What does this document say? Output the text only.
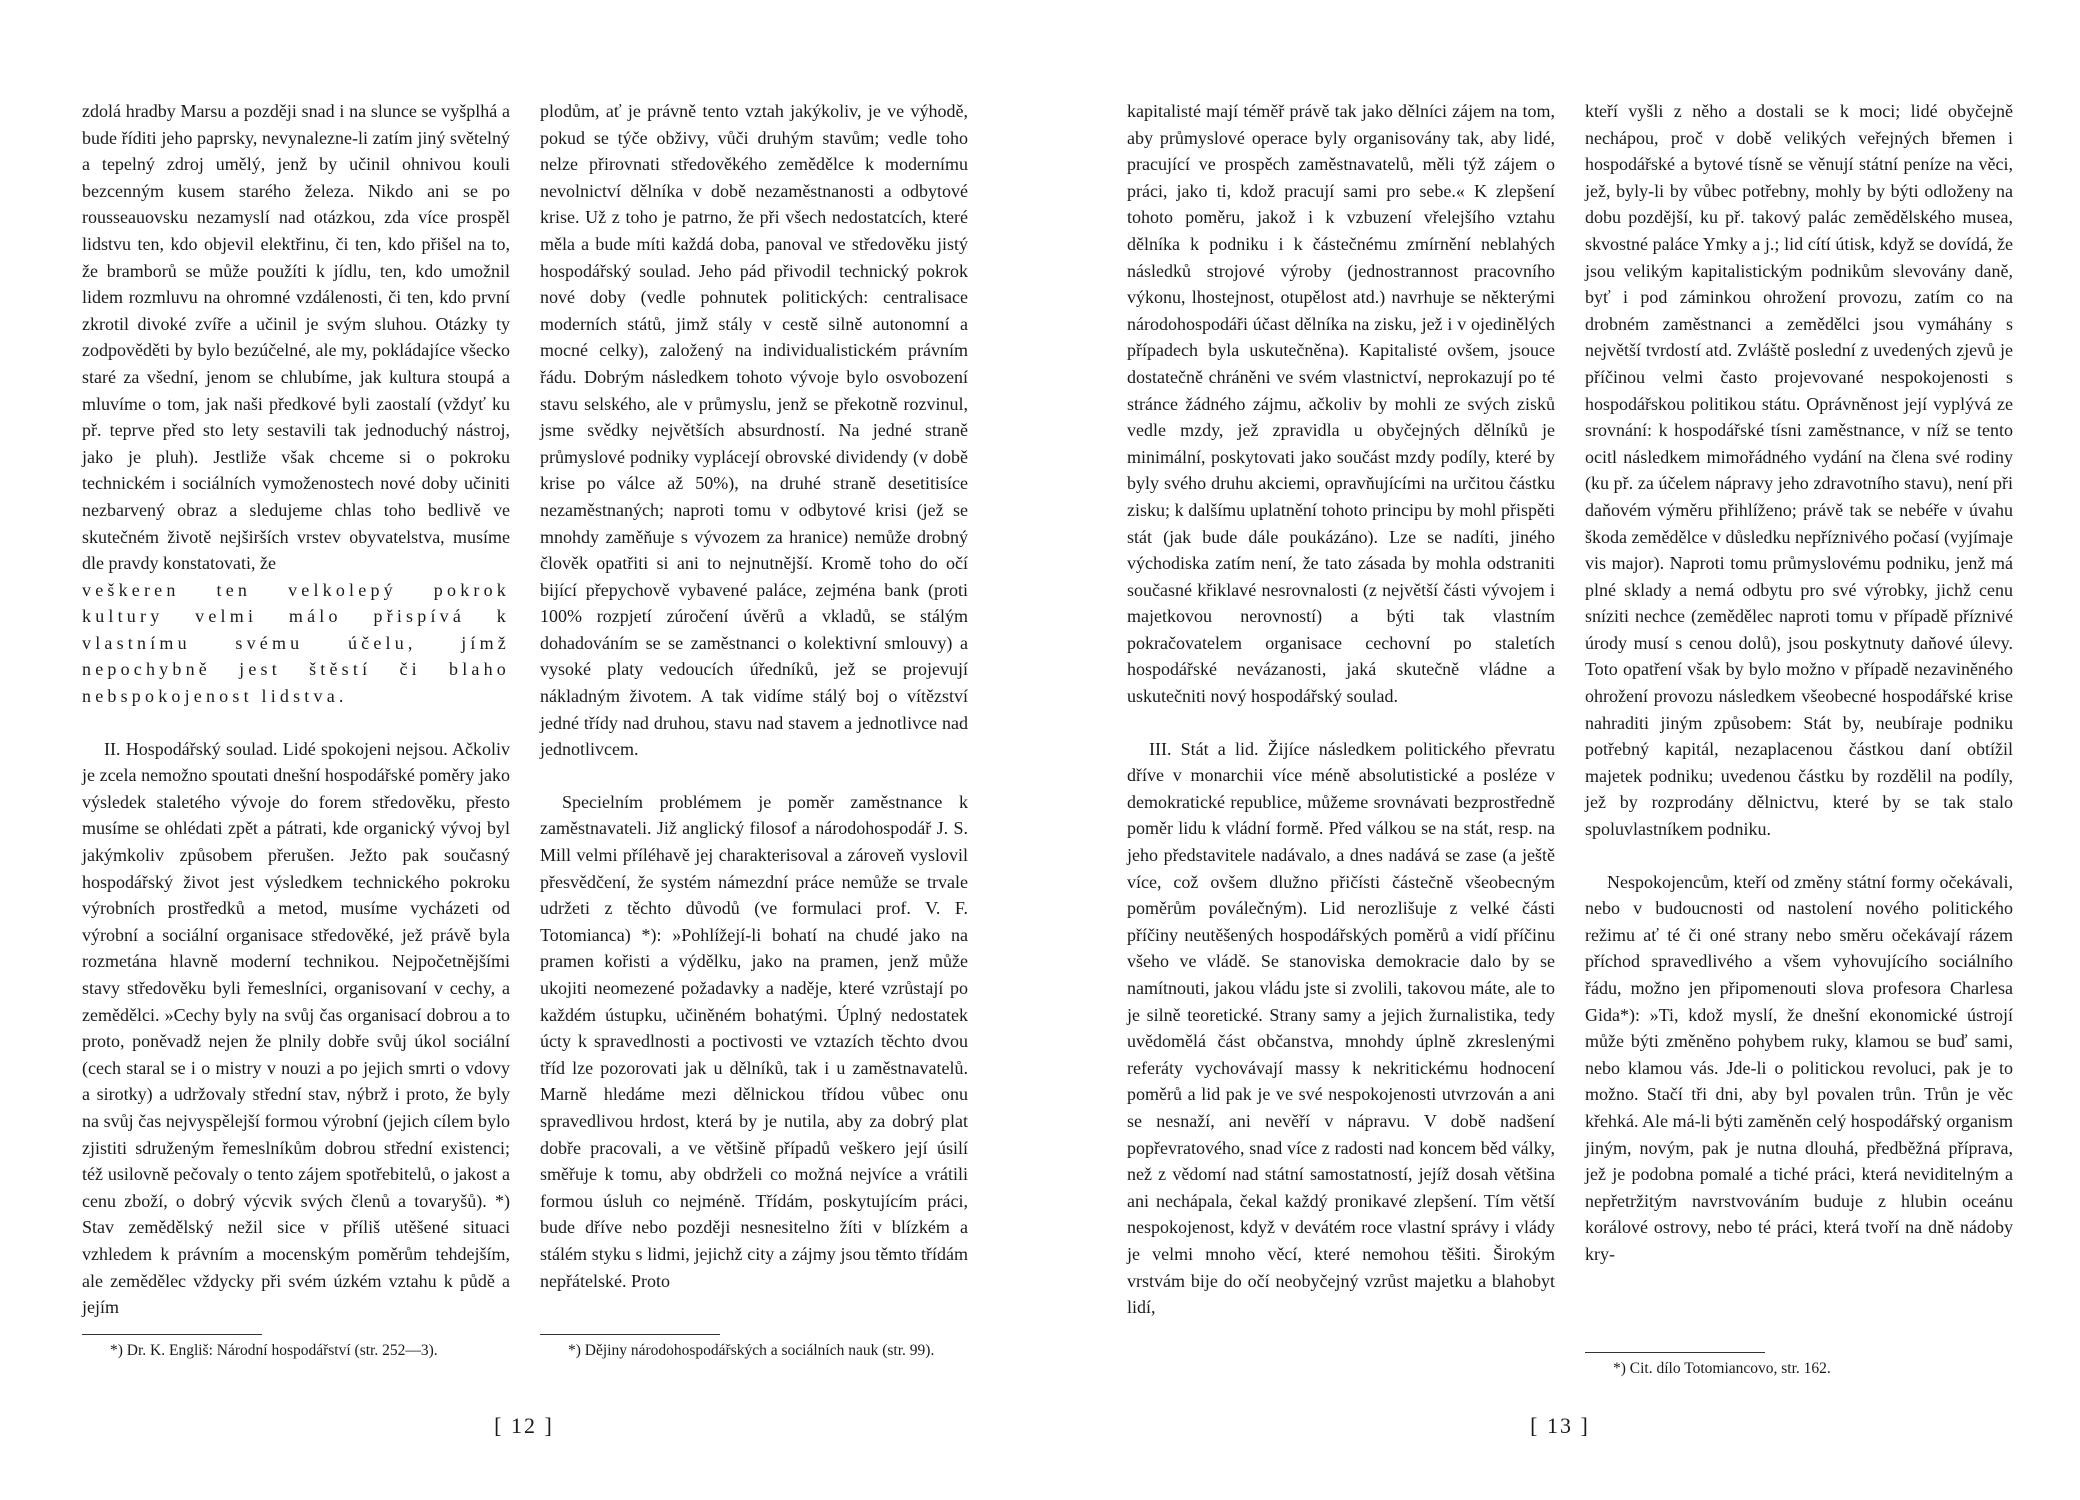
zdolá hradby Marsu a později snad i na slunce se vyšplhá a bude říditi jeho paprsky, nevynalezne-li zatím jiný světelný a tepelný zdroj umělý, jenž by učinil ohnivou kouli bezcenným kusem starého železa. Nikdo ani se po rousseauovsku nezamyslí nad otázkou, zda více prospěl lidstvu ten, kdo objevil elektřinu, či ten, kdo přišel na to, že bramborů se může použíti k jídlu, ten, kdo umožnil lidem rozmluvu na ohromné vzdálenosti, či ten, kdo první zkrotil divoké zvíře a učinil je svým sluhou. Otázky ty zodpověděti by bylo bezúčelné, ale my, pokládajíce všecko staré za všední, jenom se chlubíme, jak kultura stoupá a mluvíme o tom, jak naši předkové byli zaostalí (vždyť ku př. teprve před sto lety sestavili tak jednoduchý nástroj, jako je pluh). Jestliže však chceme si o pokroku technickém i sociálních vymoženostech nové doby učiniti nezbarvený obraz a sledujeme chlas toho bedlivě ve skutečném životě nejširších vrstev obyvatelstva, musíme dle pravdy konstatovati, že

veškeren ten velkolepý pokrok kultury velmi málo přispívá k vlastnímu svému účelu, jímž nepochybně jest štěstí či blaho nebspokojenost lidstva.

II. Hospodářský soulad. Lidé spokojeni nejsou. Ačkoliv je zcela nemožno spoutati dnešní hospodářské poměry jako výsledek staletého vývoje do forem středověku, přesto musíme se ohlédati zpět a pátrati, kde organický vývoj byl jakýmkoliv způsobem přerušen. Ježto pak současný hospodářský život jest výsledkem technického pokroku výrobních prostředků a metod, musíme vycházeti od výrobní a sociální organisace středověké, jež právě byla rozmetána hlavně moderní technikou. Nejpočetnějšími stavy středověku byli řemeslníci, organisovaní v cechy, a zemědělci. »Cechy byly na svůj čas organisací dobrou a to proto, poněvadž nejen že plnily dobře svůj úkol sociální (cech staral se i o mistry v nouzi a po jejich smrti o vdovy a sirotky) a udržovaly střední stav, nýbrž i proto, že byly na svůj čas nejvyspělejší formou výrobní (jejich cílem bylo zjistiti sdruženým řemeslníkům dobrou střední existenci; též usilovně pečovaly o tento zájem spotřebitelů, o jakost a cenu zboží, o dobrý výcvik svých členů a tovaryšů). *) Stav zemědělský nežil sice v příliš utěšené situaci vzhledem k právním a mocenským poměrům tehdejším, ale zemědělec vždycky při svém úzkém vztahu k půdě a jejím

*) Dr. K. Engliš: Národní hospodářství (str. 252—3).

plodům, ať je právně tento vztah jakýkoliv, je ve výhodě, pokud se týče obživy, vůči druhým stavům; vedle toho nelze přirovnati středověkého zemědělce k modernímu nevolnictví dělníka v době nezaměstnanosti a odbytové krise. Už z toho je patrno, že při všech nedostatcích, které měla a bude míti každá doba, panoval ve středověku jistý hospodářský soulad. Jeho pád přivodil technický pokrok nové doby (vedle pohnutek politických: centralisace moderních států, jimž stály v cestě silně autonomní a mocné celky), založený na individualistickém právním řádu. Dobrým následkem tohoto vývoje bylo osvobození stavu selského, ale v průmyslu, jenž se překotně rozvinul, jsme svědky největších absurdností. Na jedné straně průmyslové podniky vyplácejí obrovské dividendy (v době krise po válce až 50%), na druhé straně desetitisíce nezaměstnaných; naproti tomu v odbytové krisi (jež se mnohdy zaměňuje s vývozem za hranice) nemůže drobný člověk opatřiti si ani to nejnutnější. Kromě toho do očí bijící přepychově vybavené paláce, zejména bank (proti 100% rozpjetí zúročení úvěrů a vkladů, se stálým dohadováním se se zaměstnanci o kolektivní smlouvy) a vysoké platy vedoucích úředníků, jež se projevují nákladným životem. A tak vidíme stálý boj o vítězství jedné třídy nad druhou, stavu nad stavem a jednotlivce nad jednotlivcem.

Specielním problémem je poměr zaměstnance k zaměstnavateli. Již anglický filosof a národohospodář J. S. Mill velmi příléhavě jej charakterisoval a zároveň vyslovil přesvědčení, že systém námezdní práce nemůže se trvale udržeti z těchto důvodů (ve formulaci prof. V. F. Totomianca) *): »Pohlížejí-li bohatí na chudé jako na pramen kořisti a výdělku, jako na pramen, jenž může ukojiti neomezené požadavky a naděje, které vzrůstají po každém ústupku, učiněném bohatými. Úplný nedostatek úcty k spravedlnosti a poctivosti ve vztazích těchto dvou tříd lze pozorovati jak u dělníků, tak i u zaměstnavatelů. Marně hledáme mezi dělnickou třídou vůbec onu spravedlivou hrdost, která by je nutila, aby za dobrý plat dobře pracovali, a ve většině případů veškero její úsilí směřuje k tomu, aby obdrželi co možná nejvíce a vrátili formou úsluh co nejméně. Třídám, poskytujícím práci, bude dříve nebo později nesnesitelno žíti v blízkém a stálém styku s lidmi, jejichž city a zájmy jsou těmto třídám nepřátelské. Proto

*) Dějiny národohospodářských a sociálních nauk (str. 99).
[ 12 ]

kapitalisté mají téměř právě tak jako dělníci zájem na tom, aby průmyslové operace byly organisovány tak, aby lidé, pracující ve prospěch zaměstnavatelů, měli týž zájem o práci, jako ti, kdož pracují sami pro sebe.« K zlepšení tohoto poměru, jakož i k vzbuzení vřelejšího vztahu dělníka k podniku i k částečnému zmírnění neblahých následků strojové výroby (jednostrannost pracovního výkonu, lhostejnost, otupělost atd.) navrhuje se některými národohospodáři účast dělníka na zisku, jež i v ojedinělých případech byla uskutečněna). Kapitalisté ovšem, jsouce dostatečně chráněni ve svém vlastnictví, neprokazují po té stránce žádného zájmu, ačkoliv by mohli ze svých zisků vedle mzdy, jež zpravidla u obyčejných dělníků je minimální, poskytovati jako součást mzdy podíly, které by byly svého druhu akciemi, opravňujícími na určitou částku zisku; k dalšímu uplatnění tohoto principu by mohl přispěti stát (jak bude dále poukázáno). Lze se nadíti, jiného východiska zatím není, že tato zásada by mohla odstraniti současné křiklavé nesrovnalosti (z největší části vývojem i majetkovou nerovností) a býti tak vlastním pokračovatelem organisace cechovní po staletích hospodářské nevázanosti, jaká skutečně vládne a uskutečniti nový hospodářský soulad.

III. Stát a lid. Žijíce následkem politického převratu dříve v monarchii více méně absolutistické a posléze v demokratické republice, můžeme srovnávati bezprostředně poměr lidu k vládní formě. Před válkou se na stát, resp. na jeho představitele nadávalo, a dnes nadává se zase (a ještě více, což ovšem dlužno přičísti částečně všeobecným poměrům poválečným). Lid nerozlišuje z velké části příčiny neutěšených hospodářských poměrů a vidí příčinu všeho ve vládě. Se stanoviska demokracie dalo by se namítnouti, jakou vládu jste si zvolili, takovou máte, ale to je silně teoretické. Strany samy a jejich žurnalistika, tedy uvědomělá část občanstva, mnohdy úplně zkreslenými referáty vychovávají massy k nekritickému hodnocení poměrů a lid pak je ve své nespokojenosti utvrzován a ani se nesnaží, ani nevěří v nápravu. V době nadšení popřevratového, snad více z radosti nad koncem běd války, než z vědomí nad státní samostatností, jejíž dosah většina ani nechápala, čekal každý pronikavé zlepšení. Tím větší nespokojenost, když v devátém roce vlastní správy i vlády je velmi mnoho věcí, které nemohou těšiti. Širokým vrstvám bije do očí neobyčejný vzrůst majetku a blahobyt lidí,

kteří vyšli z něho a dostali se k moci; lidé obyčejně nechápou, proč v době velikých veřejných břemen i hospodářské a bytové tísně se věnují státní peníze na věci, jež, byly-li by vůbec potřebny, mohly by býti odloženy na dobu pozdější, ku př. takový palác zemědělského musea, skvostné paláce Ymky a j.; lid cítí útisk, když se dovídá, že jsou velikým kapitalistickým podnikům slevovány daně, byť i pod záminkou ohrožení provozu, zatím co na drobném zaměstnanci a zemědělci jsou vymáhány s největší tvrdostí atd. Zvláště poslední z uvedených zjevů je příčinou velmi často projevované nespokojenosti s hospodářskou politikou státu. Oprávněnost její vyplývá ze srovnání: k hospodářské tísni zaměstnance, v níž se tento ocitl následkem mimořádného vydání na člena své rodiny (ku př. za účelem nápravy jeho zdravotního stavu), není při daňovém výměru přihlíženo; právě tak se nebéře v úvahu škoda zemědělce v důsledku nepříznivého počasí (vyjímaje vis major). Naproti tomu průmyslovému podniku, jenž má plné sklady a nemá odbytu pro své výrobky, jichž cenu sníziti nechce (zemědělec naproti tomu v případě příznivé úrody musí s cenou dolů), jsou poskytnuty daňové úlevy. Toto opatření však by bylo možno v případě nezaviněného ohrožení provozu následkem všeobecné hospodářské krise nahraditi jiným způsobem: Stát by, neubíraje podniku potřebný kapitál, nezaplacenou částkou daní obtížil majetek podniku; uvedenou částku by rozdělil na podíly, jež by rozprodány dělnictvu, které by se tak stalo spoluvlastníkem podniku.

Nespokojencům, kteří od změny státní formy očekávali, nebo v budoucnosti od nastolení nového politického režimu ať té či oné strany nebo směru očekávají rázem příchod spravedlivého a všem vyhovujícího sociálního řádu, možno jen připomenouti slova profesora Charlesa Gida*): »Ti, kdož myslí, že dnešní ekonomické ústrojí může býti změněno pohybem ruky, klamou se buď sami, nebo klamou vás. Jde-li o politickou revoluci, pak je to možno. Stačí tři dni, aby byl povalen trůn. Trůn je věc křehká. Ale má-li býti zaměněn celý hospodářský organism jiným, novým, pak je nutna dlouhá, předběžná příprava, jež je podobna pomalé a tiché práci, která neviditelným a nepřetržitým navrstvováním buduje z hlubin oceánu korálové ostrovy, nebo té práci, která tvoří na dně nádoby kry-

*) Cit. dílo Totomiancovo, str. 162.
[ 13 ]
